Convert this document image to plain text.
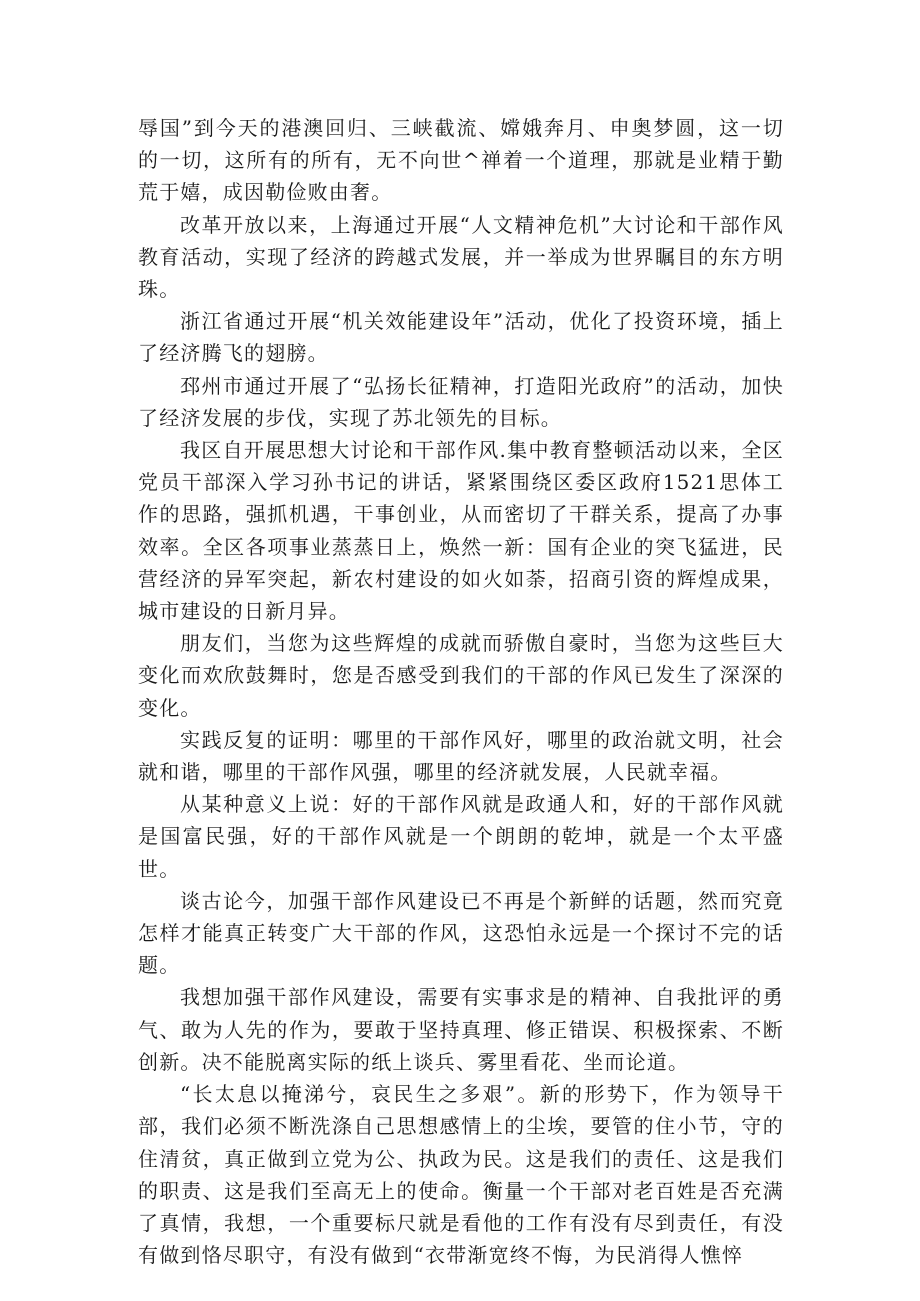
辱国”到今天的港澳回归、三峡截流、嫦娥奔月、申奥梦圆，这一切的一切，这所有的所有，无不向世^禅着一个道理，那就是业精于勤荒于嬉，成因勒俭败由奢。

改革开放以来，上海通过开展“人文精神危机”大讨论和干部作风教育活动，实现了经济的跨越式发展，并一举成为世界瞩目的东方明珠。

浙江省通过开展“机关效能建设年”活动，优化了投资环境，插上了经济腾飞的翅膀。

邳州市通过开展了“弘扬长征精神，打造阳光政府”的活动，加快了经济发展的步伐，实现了苏北领先的目标。

我区自开展思想大讨论和干部作风.集中教育整顿活动以来，全区党员干部深入学习孙书记的讲话，紧紧围绕区委区政府1521思体工作的思路，强抓机遇，干事创业，从而密切了干群关系，提高了办事效率。全区各项事业蒸蒸日上，焕然一新：国有企业的突飞猛进，民营经济的异军突起，新农村建设的如火如荼，招商引资的辉煌成果，城市建设的日新月异。

朋友们，当您为这些辉煌的成就而骄傲自豪时，当您为这些巨大变化而欢欣鼓舞时，您是否感受到我们的干部的作风已发生了深深的变化。

实践反复的证明：哪里的干部作风好，哪里的政治就文明，社会就和谐，哪里的干部作风强，哪里的经济就发展，人民就幸福。

从某种意义上说：好的干部作风就是政通人和，好的干部作风就是国富民强，好的干部作风就是一个朗朗的乾坤，就是一个太平盛世。

谈古论今，加强干部作风建设已不再是个新鲜的话题，然而究竟怎样才能真正转变广大干部的作风，这恐怕永远是一个探讨不完的话题。

我想加强干部作风建设，需要有实事求是的精神、自我批评的勇气、敢为人先的作为，要敢于坚持真理、修正错误、积极探索、不断创新。决不能脱离实际的纸上谈兵、雾里看花、坐而论道。

“长太息以掩涕兮，哀民生之多艰”。新的形势下，作为领导干部，我们必须不断洗涤自己思想感情上的尘埃，要管的住小节，守的住清贫，真正做到立党为公、执政为民。这是我们的责任、这是我们的职责、这是我们至高无上的使命。衡量一个干部对老百姓是否充满了真情，我想，一个重要标尺就是看他的工作有没有尽到责任，有没有做到恪尽职守，有没有做到“衣带渐宽终不悔，为民消得人憔悴
